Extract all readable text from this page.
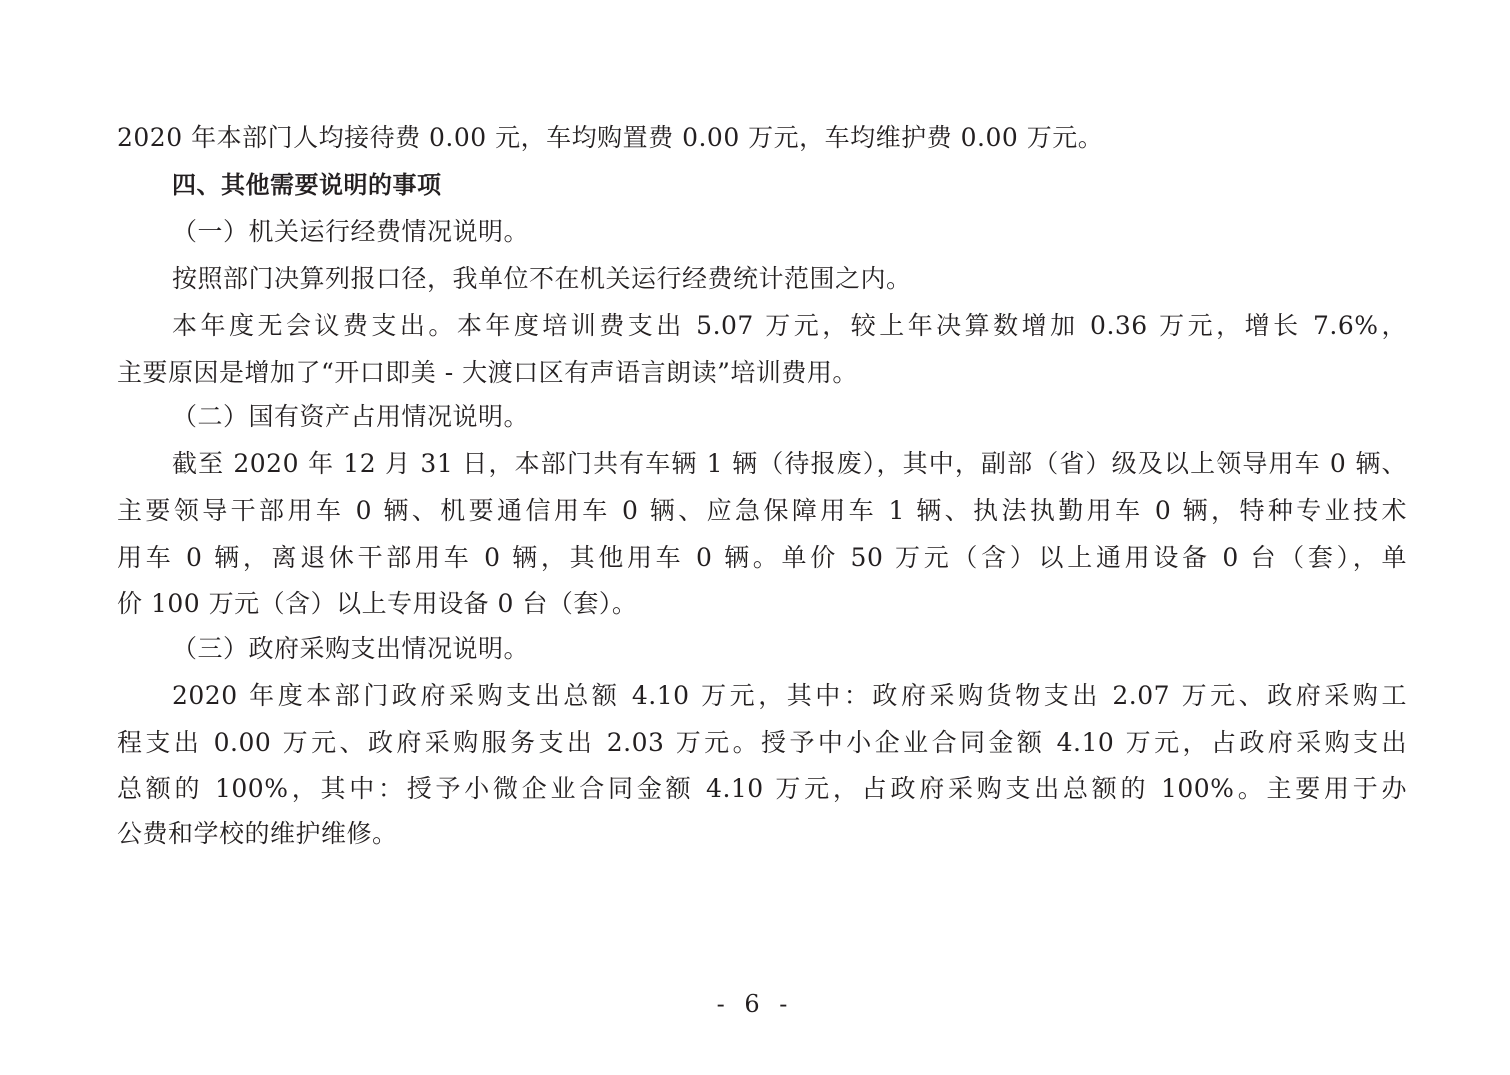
2020 年本部门人均接待费 0.00 元，车均购置费 0.00 万元，车均维护费 0.00 万元。
四、其他需要说明的事项
（一）机关运行经费情况说明。
按照部门决算列报口径，我单位不在机关运行经费统计范围之内。
本年度无会议费支出。本年度培训费支出 5.07 万元，较上年决算数增加 0.36 万元，增长 7.6%，
主要原因是增加了“开口即美 - 大渡口区有声语言朗读”培训费用。
（二）国有资产占用情况说明。
截至 2020 年 12 月 31 日，本部门共有车辆 1 辆（待报废），其中，副部（省）级及以上领导用车 0 辆、
主要领导干部用车 0 辆、机要通信用车 0 辆、应急保障用车 1 辆、执法执勤用车 0 辆，特种专业技术
用车 0 辆，离退休干部用车 0 辆，其他用车 0 辆。单价 50 万元（含）以上通用设备 0 台（套），单
价 100 万元（含）以上专用设备 0 台（套）。
（三）政府采购支出情况说明。
2020 年度本部门政府采购支出总额 4.10 万元，其中：政府采购货物支出 2.07 万元、政府采购工
程支出 0.00 万元、政府采购服务支出 2.03 万元。授予中小企业合同金额 4.10 万元，占政府采购支出
总额的 100%，其中：授予小微企业合同金额 4.10 万元，占政府采购支出总额的 100%。主要用于办
公费和学校的维护维修。
- 6 -
